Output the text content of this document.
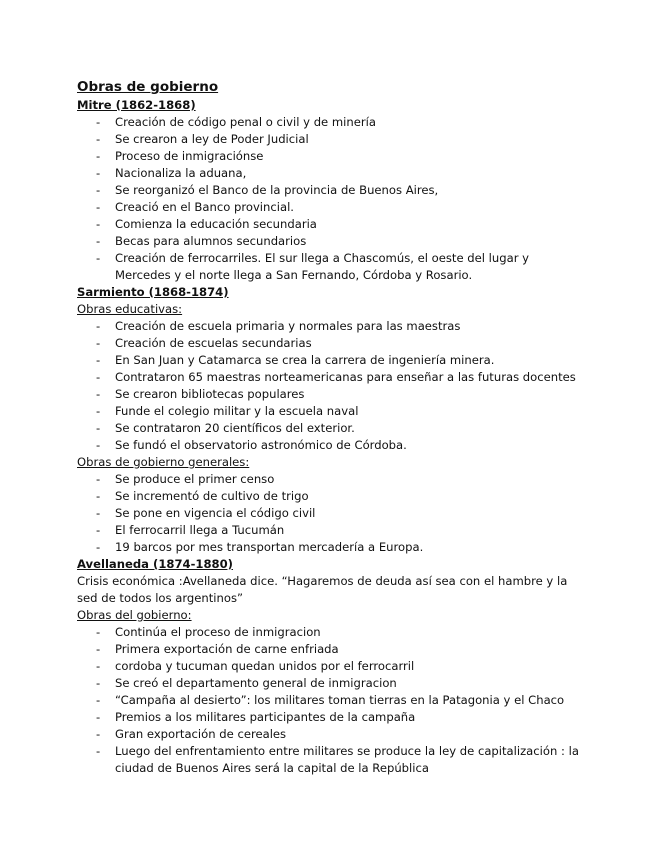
Obras de gobierno
Mitre (1862-1868)
- Creación de código penal o civil y de minería
- Se crearon a ley de Poder Judicial
- Proceso de inmigraciónse
- Nacionaliza la aduana,
- Se reorganizó el Banco de la provincia de Buenos Aires,
- Creació en el Banco provincial.
- Comienza la educación secundaria
- Becas para alumnos secundarios
- Creación de ferrocarriles. El sur llega a Chascomús, el oeste del lugar y Mercedes y el norte llega a San Fernando, Córdoba y Rosario.
Sarmiento (1868-1874)
Obras educativas:
- Creación de escuela primaria y normales para las maestras
- Creación de escuelas secundarias
- En San Juan y Catamarca se crea la carrera de ingeniería minera.
- Contrataron 65 maestras norteamericanas para enseñar a las futuras docentes
- Se crearon bibliotecas populares
- Funde el colegio militar y la escuela naval
- Se contrataron 20 científicos del exterior.
- Se fundó el observatorio astronómico de Córdoba.
Obras de gobierno generales:
- Se produce el primer censo
- Se incrementó de cultivo de trigo
- Se pone en vigencia el código civil
- El ferrocarril llega a Tucumán
- 19 barcos por mes transportan mercadería a Europa.
Avellaneda (1874-1880)

Crisis económica :Avellaneda dice. “Hagaremos de deuda así sea con el hambre y la sed de todos los argentinos”

Obras del gobierno:
- Continúa el proceso de inmigracion
- Primera exportación de carne enfriada
- cordoba y tucuman quedan unidos por el ferrocarril
- Se creó el departamento general de inmigracion
- “Campaña al desierto”: los militares toman tierras en la Patagonia y el Chaco
- Premios a los militares participantes de la campaña
- Gran exportación de cereales
- Luego del enfrentamiento entre militares se produce la ley de capitalización : la ciudad de Buenos Aires será la capital de la República
